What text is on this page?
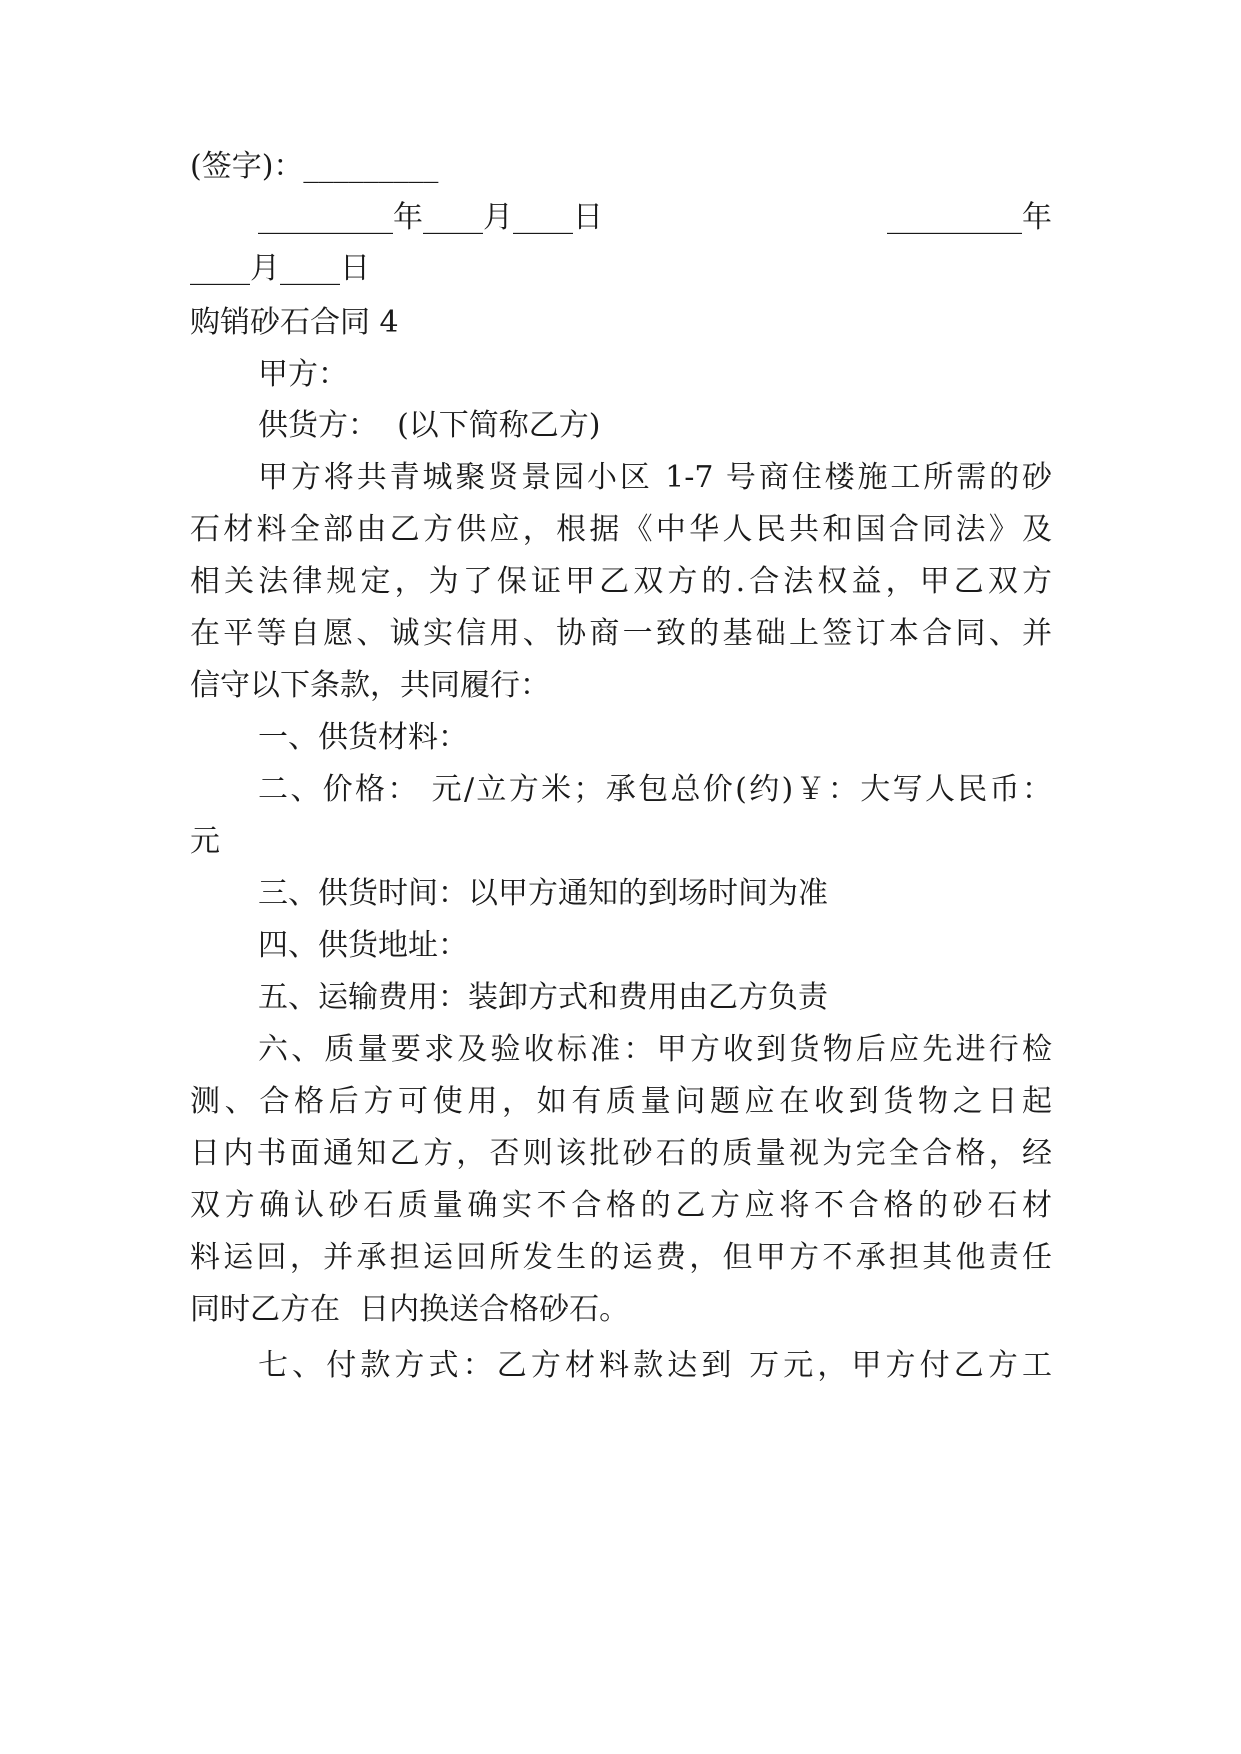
(签字)：_________

_________年____月____日	_________年

____月____日

购销砂石合同 4

甲方：

供货方：  (以下简称乙方)

甲方将共青城聚贤景园小区 1-7 号商住楼施工所需的砂

石材料全部由乙方供应，根据《中华人民共和国合同法》及

相关法律规定，为了保证甲乙双方的.合法权益，甲乙双方

在平等自愿、诚实信用、协商一致的基础上签订本合同、并

信守以下条款，共同履行：

一、供货材料：

二、价格： 元/立方米；承包总价(约)￥：大写人民币：

元

三、供货时间：以甲方通知的到场时间为准

四、供货地址：

五、运输费用：装卸方式和费用由乙方负责

六、质量要求及验收标准：甲方收到货物后应先进行检

测、合格后方可使用，如有质量问题应在收到货物之日起

日内书面通知乙方，否则该批砂石的质量视为完全合格，经

双方确认砂石质量确实不合格的乙方应将不合格的砂石材

料运回，并承担运回所发生的运费，但甲方不承担其他责任

同时乙方在  日内换送合格砂石。

七、付款方式：乙方材料款达到 万元，甲方付乙方工
